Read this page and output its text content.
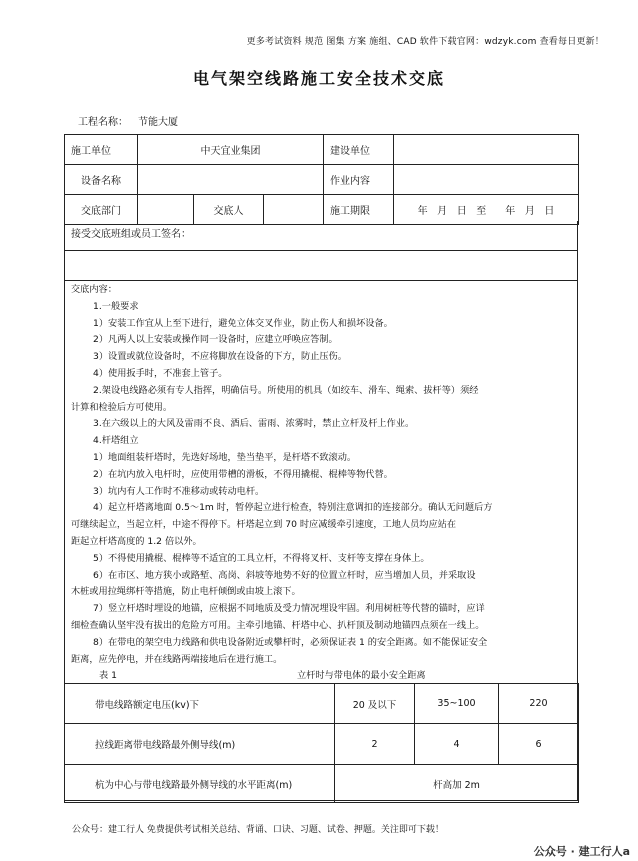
更多考试资料 规范 图集 方案 施组、CAD 软件下载官网：wdzyk.com 查看每日更新！
电气架空线路施工安全技术交底
工程名称： 节能大厦
施工单位	中天宜业集团			建设单位	
设备名称				作业内容	
交底部门		交底人		施工期限	年   月   日   至      年   月   日
接受交底班组或员工签名：

交底内容：

1.一般要求

1）安装工作宜从上至下进行，避免立体交叉作业，防止伤人和损坏设备。

2）凡两人以上安装或操作同一设备时，应建立呼唤应答制。

3）设置或就位设备时，不应将脚放在设备的下方，防止压伤。

4）使用扳手时，不准套上管子。

2.架设电线路必须有专人指挥，明确信号。所使用的机具（如绞车、滑车、绳索、拔杆等）须经

计算和检验后方可使用。

3.在六级以上的大风及雷雨不良、酒后、雷雨、浓雾时，禁止立杆及杆上作业。

4.杆塔组立

1）地面组装杆塔时，先选好场地，垫当垫平，是杆塔不致滚动。

2）在坑内放入电杆时，应使用带槽的滑板，不得用撬棍、棍棒等物代替。

3）坑内有人工作时不准移动或转动电杆。

4）起立杆塔离地面 0.5～1m 时，暂停起立进行检查，特别注意调扣的连接部分。确认无问题后方

可继续起立，当起立杆，中途不得停下。杆塔起立到 70 时应减缓牵引速度，工地人员均应站在

距起立杆塔高度的 1.2 倍以外。

5）不得使用撬棍、棍棒等不适宜的工具立杆，不得将叉杆、支杆等支撑在身体上。

6）在市区、地方狭小或路堑、高岗、斜坡等地势不好的位置立杆时，应当增加人员，并采取设

木桩或用拉绳绑杆等措施，防止电杆倾倒或由坡上滚下。

7）竖立杆塔时埋设的地锚，应根据不同地质及受力情况埋设牢固。利用树桩等代替的锚时，应详

细检查确认坚牢没有拔出的危险方可用。主牵引地锚、杆塔中心、扒杆顶及制动地锚四点须在一线上。

8）在带电的架空电力线路和供电设备附近或攀杆时，必须保证表 1 的安全距离。如不能保证安全

距离，应先停电，并在线路两端接地后在进行施工。

表 1	立杆时与带电体的最小安全距离
带电线路额定电压(kv)下	20 及以下	35~100	220
拉线距离带电线路最外侧导线(m)	2	4	6
杭为中心与带电线路最外侧导线的水平距离(m)	杆高加 2m		
公众号：建工行人 免费提供考试相关总结、背诵、口诀、习题、试卷、押题。关注即可下载！
公众号 · 建工行人a
